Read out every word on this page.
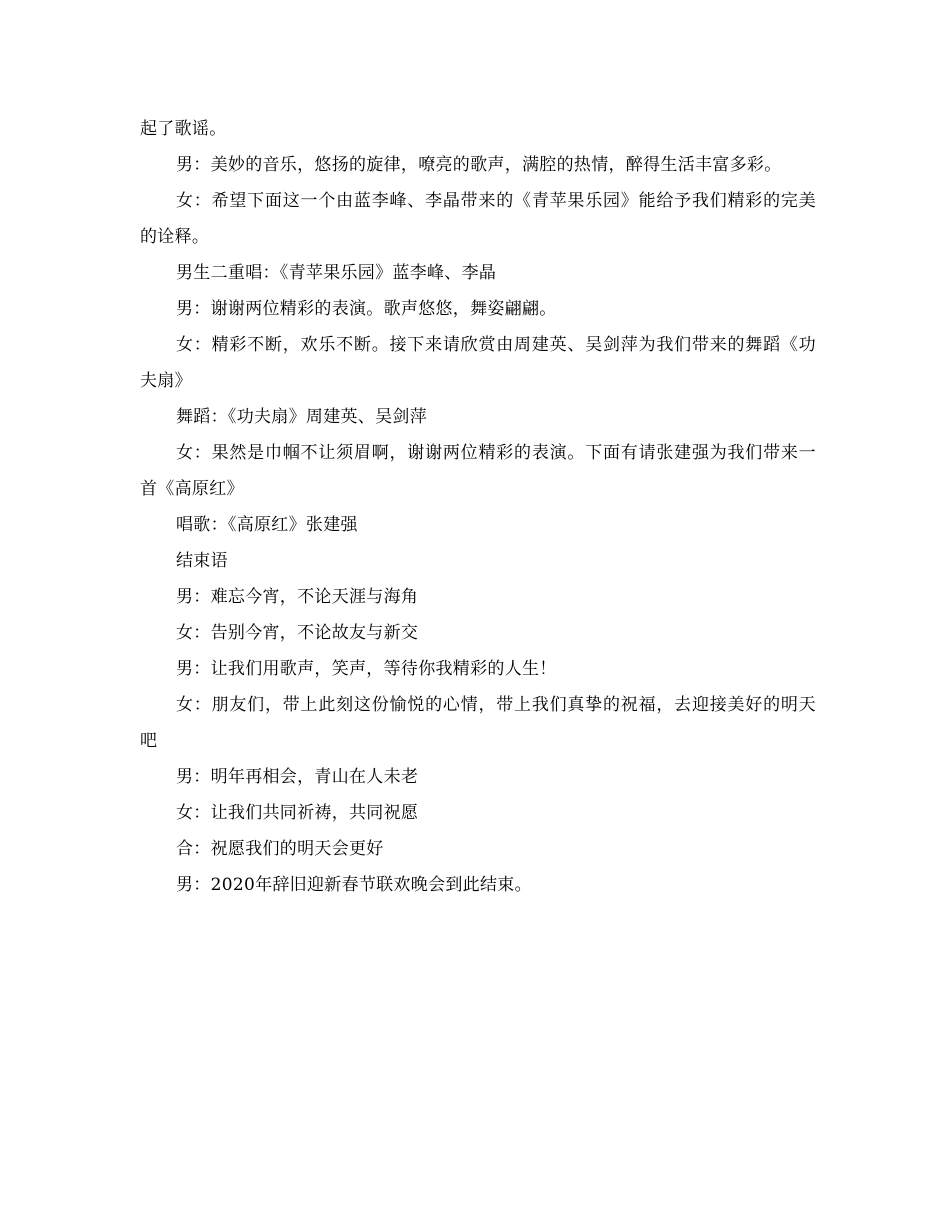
起了歌谣。

男：美妙的音乐，悠扬的旋律，嘹亮的歌声，满腔的热情，醉得生活丰富多彩。

女：希望下面这一个由蓝李峰、李晶带来的《青苹果乐园》能给予我们精彩的完美的诠释。

男生二重唱：《青苹果乐园》蓝李峰、李晶

男：谢谢两位精彩的表演。歌声悠悠，舞姿翩翩。

女：精彩不断，欢乐不断。接下来请欣赏由周建英、吴剑萍为我们带来的舞蹈《功夫扇》

舞蹈：《功夫扇》周建英、吴剑萍

女：果然是巾帼不让须眉啊，谢谢两位精彩的表演。下面有请张建强为我们带来一首《高原红》

唱歌：《高原红》张建强

结束语

男：难忘今宵，不论天涯与海角

女：告别今宵，不论故友与新交

男：让我们用歌声，笑声，等待你我精彩的人生！

女：朋友们，带上此刻这份愉悦的心情，带上我们真挚的祝福，去迎接美好的明天吧

男：明年再相会，青山在人未老

女：让我们共同祈祷，共同祝愿

合：祝愿我们的明天会更好

男：2020年辞旧迎新春节联欢晚会到此结束。
